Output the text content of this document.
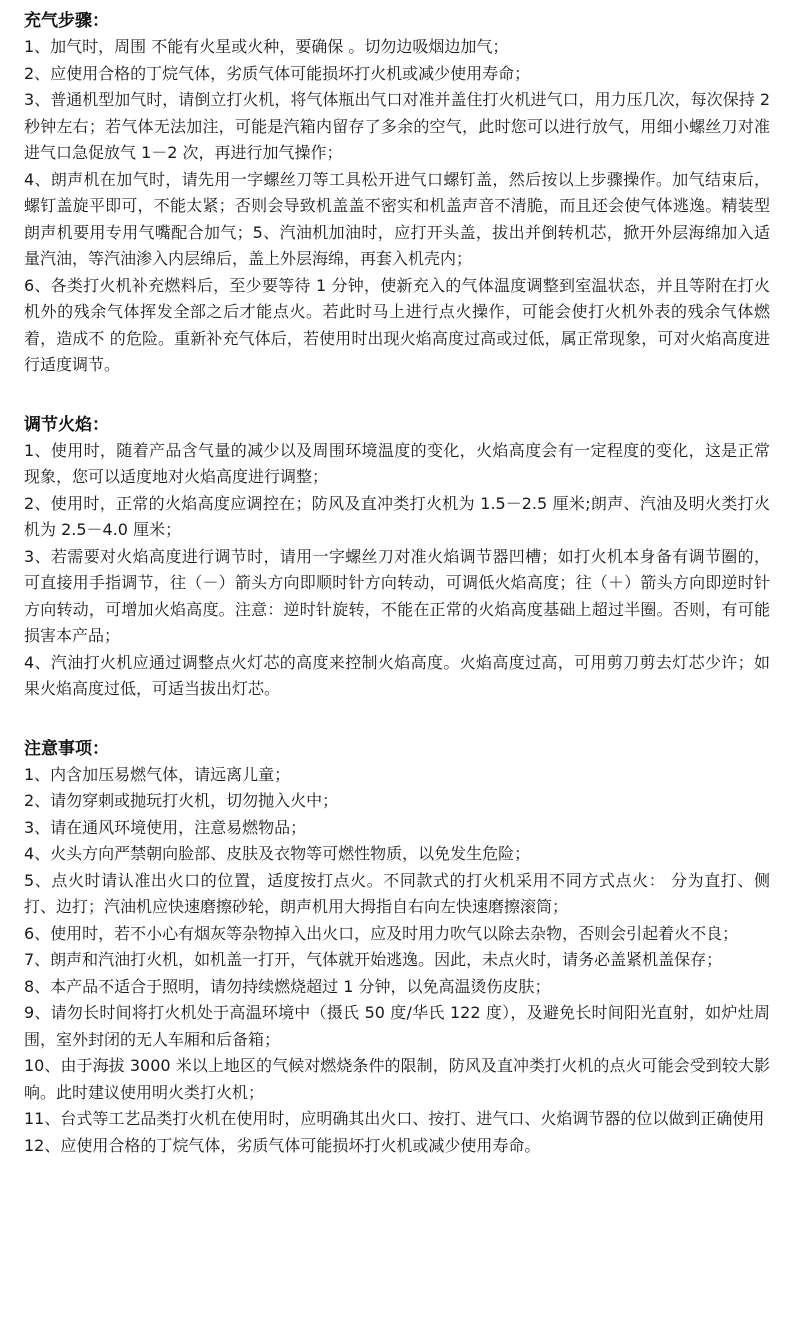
充气步骤：

1、加气时，周围 不能有火星或火种，要确保 。切勿边吸烟边加气；

2、应使用合格的丁烷气体，劣质气体可能损坏打火机或减少使用寿命；

3、普通机型加气时，请倒立打火机，将气体瓶出气口对准并盖住打火机进气口，用力压几次，每次保持 2 秒钟左右；若气体无法加注，可能是汽箱内留存了多余的空气，此时您可以进行放气，用细小螺丝刀对准进气口急促放气 1－2 次，再进行加气操作；

4、朗声机在加气时，请先用一字螺丝刀等工具松开进气口螺钉盖，然后按以上步骤操作。加气结束后，螺钉盖旋平即可，不能太紧；否则会导致机盖盖不密实和机盖声音不清脆，而且还会使气体逃逸。精装型朗声机要用专用气嘴配合加气；5、汽油机加油时，应打开头盖，拔出并倒转机芯，掀开外层海绵加入适量汽油，等汽油渗入内层绵后，盖上外层海绵，再套入机壳内；

6、各类打火机补充燃料后，至少要等待 1 分钟，使新充入的气体温度调整到室温状态，并且等附在打火机外的残余气体挥发全部之后才能点火。若此时马上进行点火操作，可能会使打火机外表的残余气体燃着，造成不 的危险。重新补充气体后，若使用时出现火焰高度过高或过低，属正常现象，可对火焰高度进行适度调节。

调节火焰：

1、使用时，随着产品含气量的减少以及周围环境温度的变化，火焰高度会有一定程度的变化，这是正常现象，您可以适度地对火焰高度进行调整；

2、使用时，正常的火焰高度应调控在；防风及直冲类打火机为 1.5－2.5 厘米;朗声、汽油及明火类打火机为 2.5－4.0 厘米；

3、若需要对火焰高度进行调节时，请用一字螺丝刀对准火焰调节器凹槽；如打火机本身备有调节圈的，可直接用手指调节，往（－）箭头方向即顺时针方向转动，可调低火焰高度；往（＋）箭头方向即逆时针方向转动，可增加火焰高度。注意：逆时针旋转，不能在正常的火焰高度基础上超过半圈。否则，有可能损害本产品；

4、汽油打火机应通过调整点火灯芯的高度来控制火焰高度。火焰高度过高，可用剪刀剪去灯芯少许；如果火焰高度过低，可适当拔出灯芯。

注意事项：

1、内含加压易燃气体，请远离儿童；

2、请勿穿刺或抛玩打火机，切勿抛入火中；

3、请在通风环境使用，注意易燃物品；

4、火头方向严禁朝向脸部、皮肤及衣物等可燃性物质，以免发生危险；

5、点火时请认准出火口的位置，适度按打点火。不同款式的打火机采用不同方式点火： 分为直打、侧打、边打；汽油机应快速磨擦砂轮，朗声机用大拇指自右向左快速磨擦滚筒；

6、使用时，若不小心有烟灰等杂物掉入出火口，应及时用力吹气以除去杂物，否则会引起着火不良；

7、朗声和汽油打火机，如机盖一打开，气体就开始逃逸。因此，未点火时，请务必盖紧机盖保存；

8、本产品不适合于照明，请勿持续燃烧超过 1 分钟，以免高温烫伤皮肤；

9、请勿长时间将打火机处于高温环境中（摄氏 50 度/华氏 122 度），及避免长时间阳光直射，如炉灶周围，室外封闭的无人车厢和后备箱；

10、由于海拔 3000 米以上地区的气候对燃烧条件的限制，防风及直冲类打火机的点火可能会受到较大影响。此时建议使用明火类打火机；

11、台式等工艺品类打火机在使用时，应明确其出火口、按打、进气口、火焰调节器的位以做到正确使用

12、应使用合格的丁烷气体，劣质气体可能损坏打火机或减少使用寿命。
